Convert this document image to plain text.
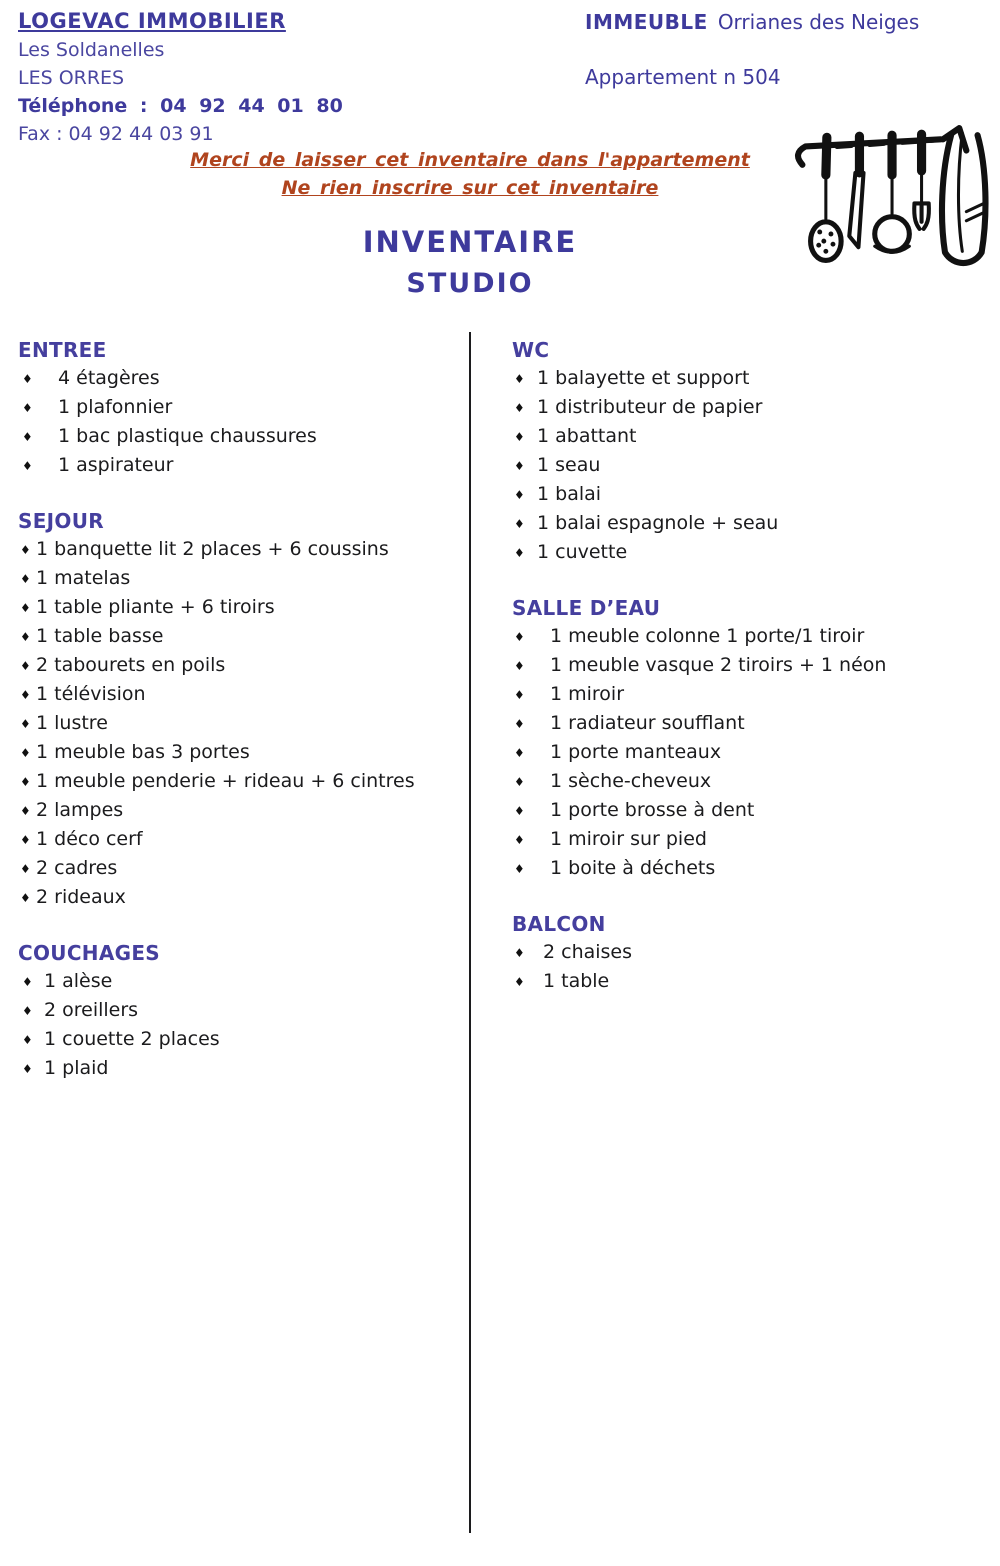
LOGEVAC IMMOBILIER
Les Soldanelles
LES ORRES
Téléphone : 04 92 44 01 80
Fax : 04 92 44 03 91
IMMEUBLE Orrianes des Neiges
Appartement n 504
Merci de laisser cet inventaire dans l'appartement
Ne rien inscrire sur cet inventaire
INVENTAIRE
STUDIO
ENTREE
♦ 4 étagères
♦ 1 plafonnier
♦ 1 bac plastique chaussures
♦ 1 aspirateur
SEJOUR
♦ 1 banquette lit 2 places + 6 coussins
♦ 1 matelas
♦ 1 table pliante + 6 tiroirs
♦ 1 table basse
♦ 2 tabourets en poils
♦ 1 télévision
♦ 1 lustre
♦ 1 meuble bas 3 portes
♦ 1 meuble penderie + rideau + 6 cintres
♦ 2 lampes
♦ 1 déco cerf
♦ 2 cadres
♦ 2 rideaux
COUCHAGES
♦ 1 alèse
♦ 2 oreillers
♦ 1 couette 2 places
♦ 1 plaid
WC
♦ 1 balayette et support
♦ 1 distributeur de papier
♦ 1 abattant
♦ 1 seau
♦ 1 balai
♦ 1 balai espagnole + seau
♦ 1 cuvette
SALLE D’EAU
♦ 1 meuble colonne 1 porte/1 tiroir
♦ 1 meuble vasque 2 tiroirs + 1 néon
♦ 1 miroir
♦ 1 radiateur soufflant
♦ 1 porte manteaux
♦ 1 sèche-cheveux
♦ 1 porte brosse à dent
♦ 1 miroir sur pied
♦ 1 boite à déchets
BALCON
♦ 2 chaises
♦ 1 table
